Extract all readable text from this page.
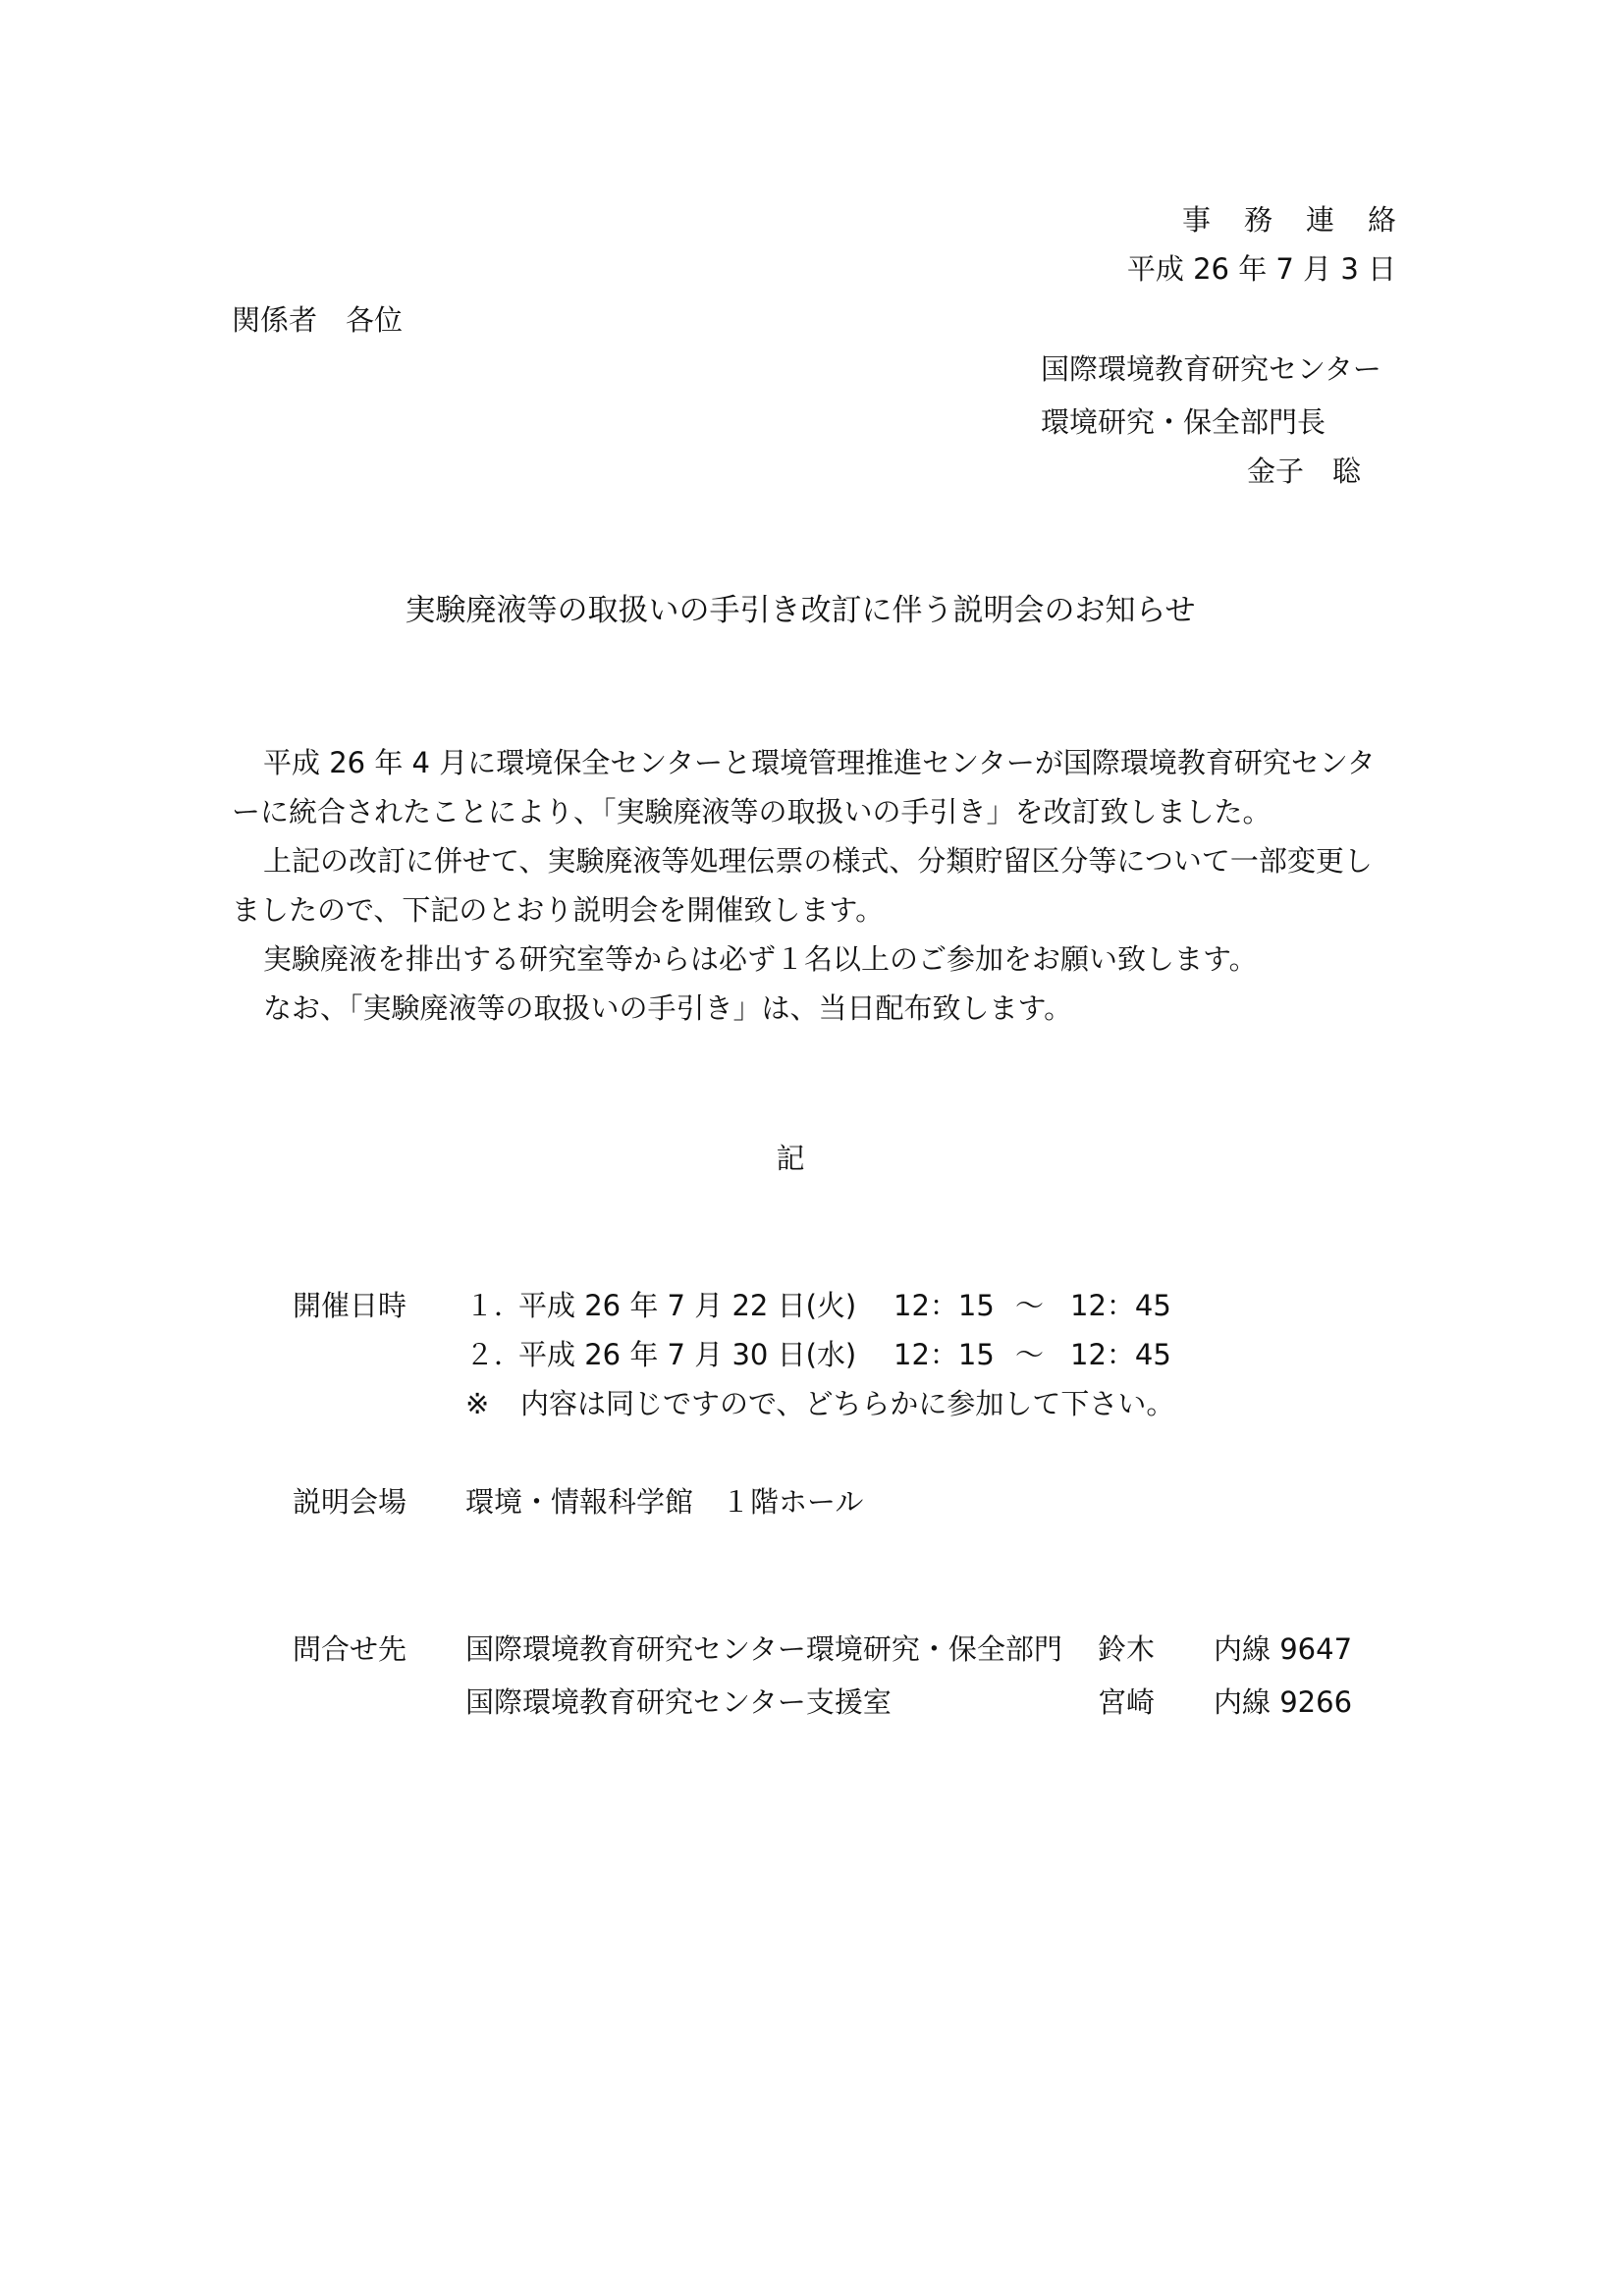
事務連絡
平成 26 年 7 月 3 日
関係者　各位
国際環境教育研究センター
環境研究・保全部門長
金子　聡
実験廃液等の取扱いの手引き改訂に伴う説明会のお知らせ
平成 26 年 4 月に環境保全センターと環境管理推進センターが国際環境教育研究センターに統合されたことにより、「実験廃液等の取扱いの手引き」を改訂致しました。
上記の改訂に併せて、実験廃液等処理伝票の様式、分類貯留区分等について一部変更しましたので、下記のとおり説明会を開催致します。
実験廃液を排出する研究室等からは必ず１名以上のご参加をお願い致します。
なお、「実験廃液等の取扱いの手引き」は、当日配布致します。
記
開催日時 １．
平成 26 年 7 月 22 日(火) 12：15 ～ 12：45
２．
平成 26 年 7 月 30 日(水) 12：15 ～ 12：45
※ 内容は同じですので、どちらかに参加して下さい。
説明会場 環境・情報科学館　１階ホール
問合せ先 国際環境教育研究センター環境研究・保全部門 鈴木 内線 9647
国際環境教育研究センター支援室	宮崎 内線 9266
